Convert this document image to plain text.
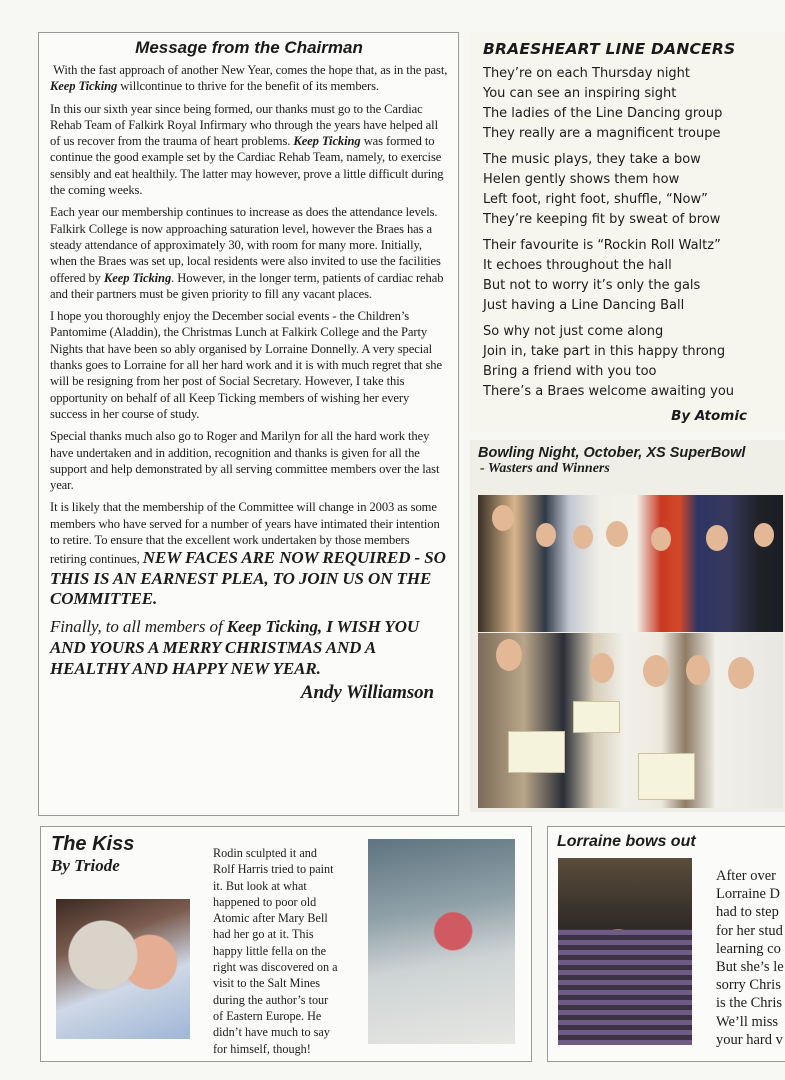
Message from the Chairman

With the fast approach of another New Year, comes the hope that, as in the past, Keep Ticking willcontinue to thrive for the benefit of its members.

In this our sixth year since being formed, our thanks must go to the Cardiac Rehab Team of Falkirk Royal Infirmary who through the years have helped all of us recover from the trauma of heart problems. Keep Ticking was formed to continue the good example set by the Cardiac Rehab Team, namely, to exercise sensibly and eat healthily. The latter may however, prove a little difficult during the coming weeks.

Each year our membership continues to increase as does the attendance levels. Falkirk College is now approaching saturation level, however the Braes has a steady attendance of approximately 30, with room for many more. Initially, when the Braes was set up, local residents were also invited to use the facilities offered by Keep Ticking. However, in the longer term, patients of cardiac rehab and their partners must be given priority to fill any vacant places.

I hope you thoroughly enjoy the December social events - the Children’s Pantomime (Aladdin), the Christmas Lunch at Falkirk College and the Party Nights that have been so ably organised by Lorraine Donnelly. A very special thanks goes to Lorraine for all her hard work and it is with much regret that she will be resigning from her post of Social Secretary. However, I take this opportunity on behalf of all Keep Ticking members of wishing her every success in her course of study.

Special thanks much also go to Roger and Marilyn for all the hard work they have undertaken and in addition, recognition and thanks is given for all the support and help demonstrated by all serving committee members over the last year.

It is likely that the membership of the Committee will change in 2003 as some members who have served for a number of years have intimated their intention to retire. To ensure that the excellent work undertaken by those members retiring continues, NEW FACES ARE NOW REQUIRED - SO THIS IS AN EARNEST PLEA, TO JOIN US ON THE COMMITTEE.

Finally, to all members of Keep Ticking, I WISH YOU AND YOURS A MERRY CHRISTMAS AND A HEALTHY AND HAPPY NEW YEAR.

Andy Williamson

BRAESHEART LINE DANCERS
They’re on each Thursday night
You can see an inspiring sight
The ladies of the Line Dancing group
They really are a magnificent troupe
The music plays, they take a bow
Helen gently shows them how
Left foot, right foot, shuffle, “Now”
They’re keeping fit by sweat of brow
Their favourite is “Rockin Roll Waltz”
It echoes throughout the hall
But not to worry it’s only the gals
Just having a Line Dancing Ball
So why not just come along
Join in, take part in this happy throng
Bring a friend with you too
There’s a Braes welcome awaiting you
By Atomic
Bowling Night, October, XS SuperBowl
- Wasters and Winners
The Kiss
By Triode
Rodin sculpted it and Rolf Harris tried to paint it. But look at what happened to poor old Atomic after Mary Bell had her go at it. This happy little fella on the right was discovered on a visit to the Salt Mines during the author’s tour of Eastern Europe. He didn’t have much to say for himself, though!
Lorraine bows out
After over
Lorraine D
had to step
for her stud
learning co
But she’s le
sorry Chris
is the Chris
We’ll miss
your hard v
